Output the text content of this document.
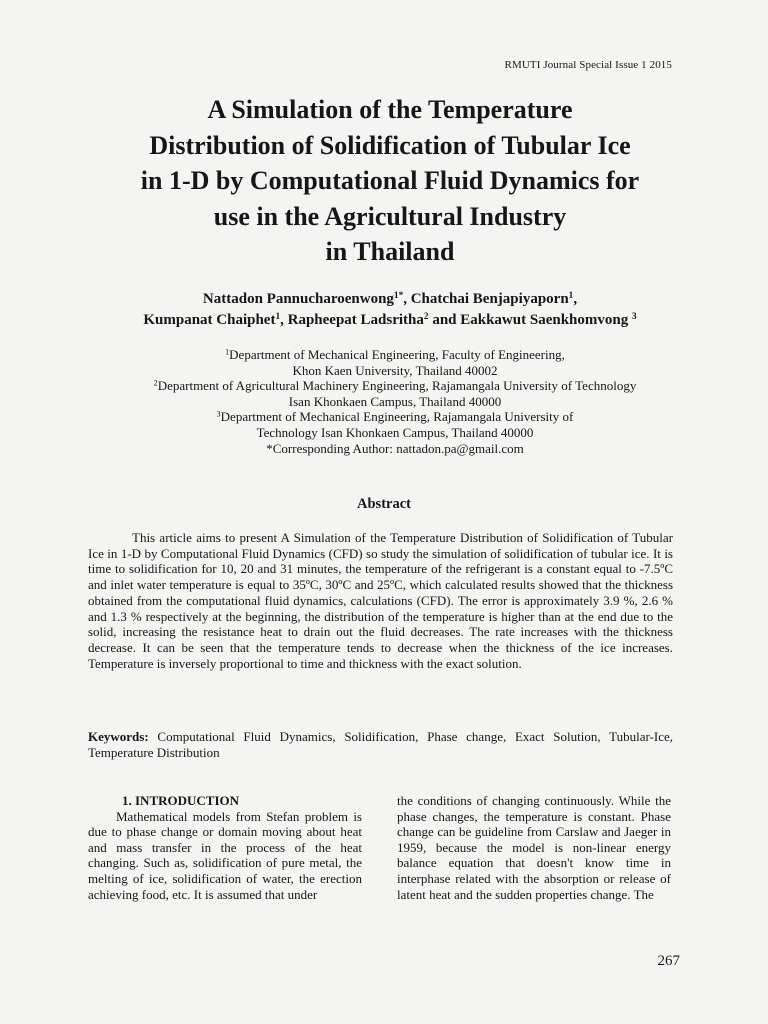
RMUTI Journal Special Issue 1 2015
A Simulation of the Temperature
Distribution of Solidification of Tubular Ice
in 1-D by Computational Fluid Dynamics for
use in the Agricultural Industry
in Thailand
Nattadon Pannucharoenwong$^{1*}$, Chatchai Benjapiyaporn$^1$,
Kumpanat Chaiphet$^1$, Rapheepat Ladsritha$^2$ and Eakkawut Saenkhomvong $^3$
$^1$Department of Mechanical Engineering, Faculty of Engineering,
Khon Kaen University, Thailand 40002
$^2$Department of Agricultural Machinery Engineering, Rajamangala University of Technology
Isan Khonkaen Campus, Thailand 40000
$^3$Department of Mechanical Engineering, Rajamangala University of
Technology Isan Khonkaen Campus, Thailand 40000
*Corresponding Author: nattadon.pa@gmail.com
Abstract

This article aims to present A Simulation of the Temperature Distribution of Solidification of Tubular Ice in 1-D by Computational Fluid Dynamics (CFD) so study the simulation of solidification of tubular ice. It is time to solidification for 10, 20 and 31 minutes, the temperature of the refrigerant is a constant equal to -7.5ºC and inlet water temperature is equal to 35ºC, 30ºC and 25ºC, which calculated results showed that the thickness obtained from the computational fluid dynamics, calculations (CFD). The error is approximately 3.9 %, 2.6 % and 1.3 % respectively at the beginning, the distribution of the temperature is higher than at the end due to the solid, increasing the resistance heat to drain out the fluid decreases. The rate increases with the thickness decrease. It can be seen that the temperature tends to decrease when the thickness of the ice increases. Temperature is inversely proportional to time and thickness with the exact solution.

Keywords: Computational Fluid Dynamics, Solidification, Phase change, Exact Solution, Tubular-Ice, Temperature Distribution

1. INTRODUCTION

Mathematical models from Stefan problem is due to phase change or domain moving about heat and mass transfer in the process of the heat changing. Such as, solidification of pure metal, the melting of ice, solidification of water, the erection achieving food, etc. It is assumed that under

the conditions of changing continuously. While the phase changes, the temperature is constant. Phase change can be guideline from Carslaw and Jaeger in 1959, because the model is non-linear energy balance equation that doesn't know time in interphase related with the absorption or release of latent heat and the sudden properties change. The

267
